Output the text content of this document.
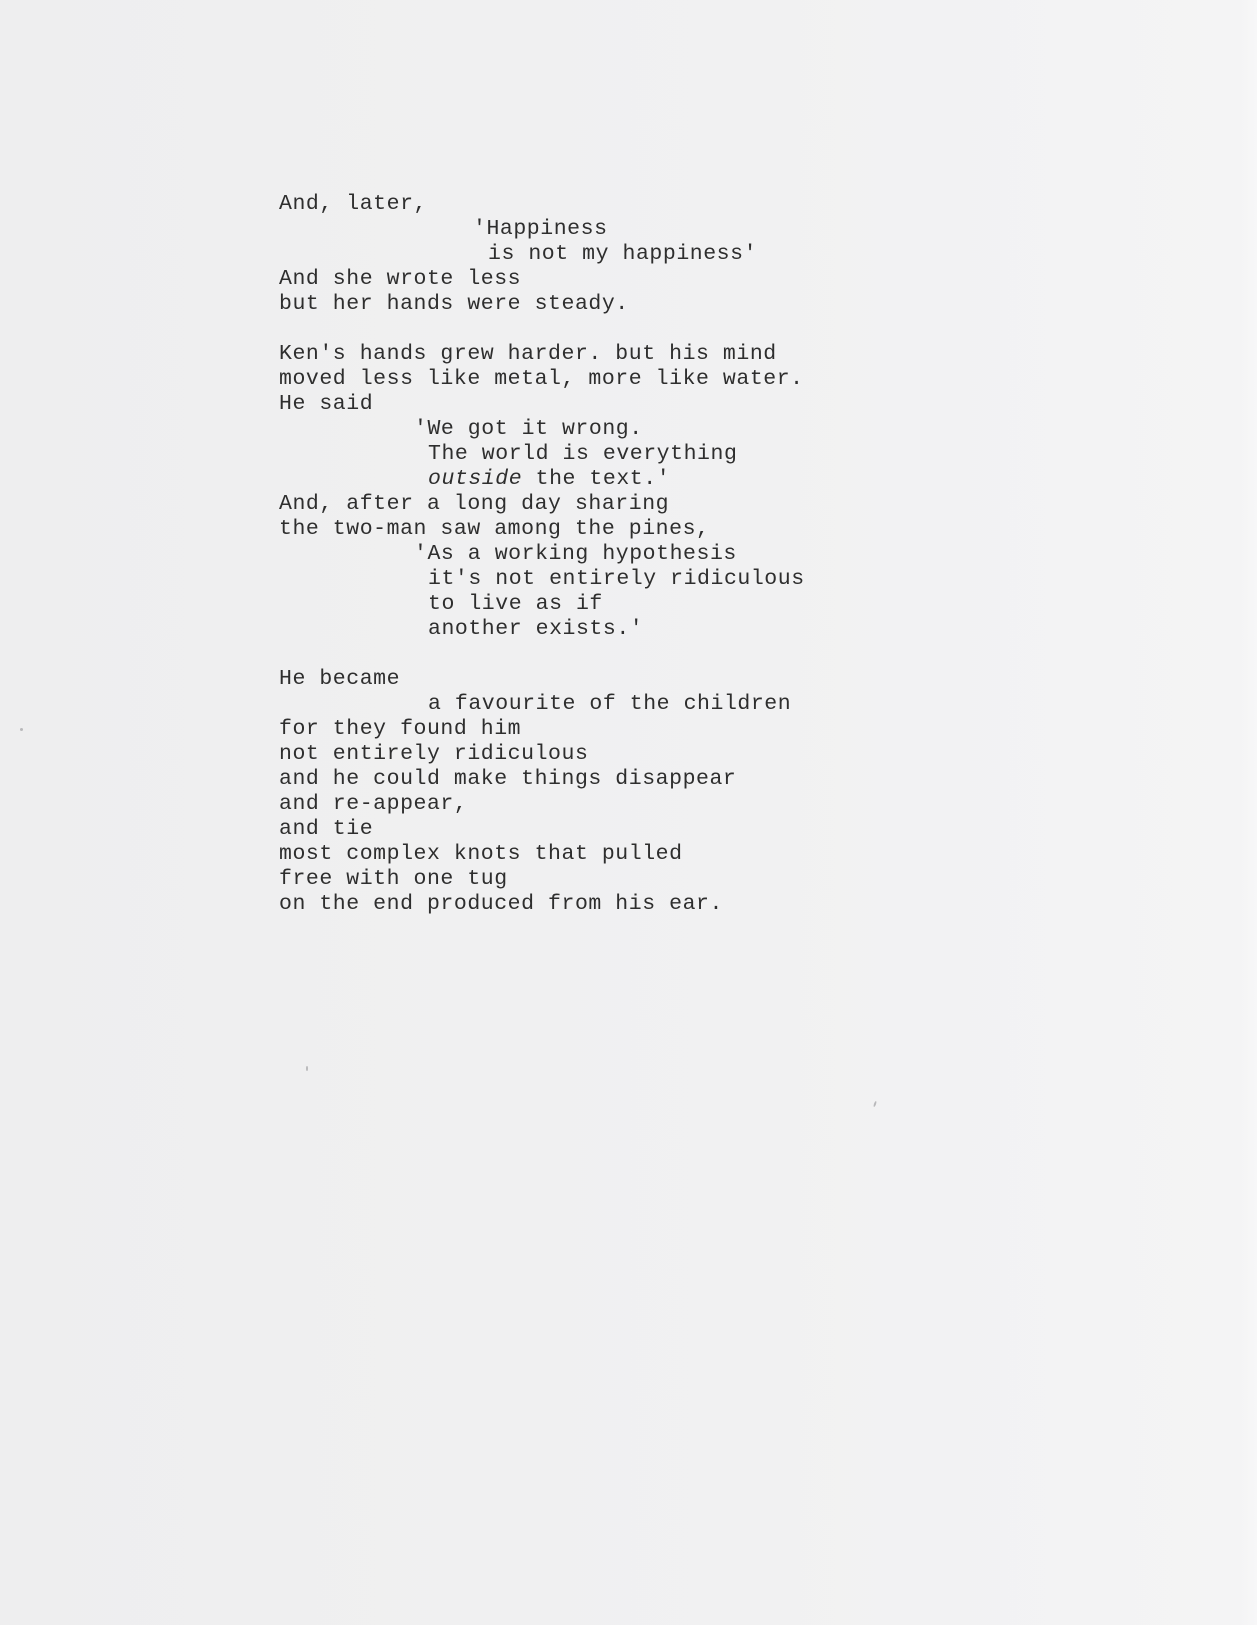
And, later,
'Happiness
is not my happiness'
And she wrote less
but her hands were steady.
Ken's hands grew harder. but his mind
moved less like metal, more like water.
He said
'We got it wrong.
The world is everything
outside the text.'
And, after a long day sharing
the two-man saw among the pines,
'As a working hypothesis
it's not entirely ridiculous
to live as if
another exists.'
He became
a favourite of the children
for they found him
not entirely ridiculous
and he could make things disappear
and re-appear,
and tie
most complex knots that pulled
free with one tug
on the end produced from his ear.
